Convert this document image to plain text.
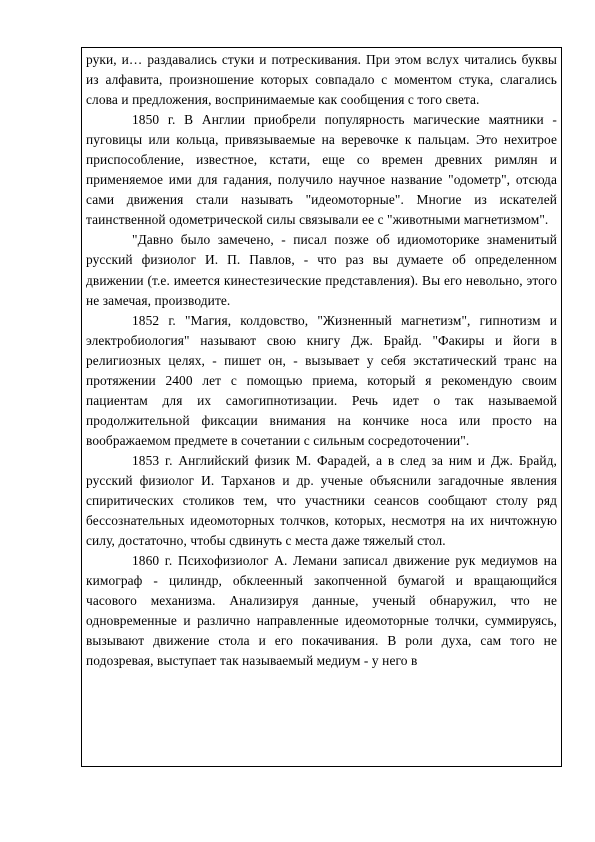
руки, и… раздавались стуки и потрескивания. При этом вслух читались буквы из алфавита, произношение которых совпадало с моментом стука, слагались слова и предложения, воспринимаемые как сообщения с того света.

1850 г. В Англии приобрели популярность магические маятники - пуговицы или кольца, привязываемые на веревочке к пальцам. Это нехитрое приспособление, известное, кстати, еще со времен древних римлян и применяемое ими для гадания, получило научное название "одометр", отсюда сами движения стали называть "идеомоторные". Многие из искателей таинственной одометрической силы связывали ее с "животными магнетизмом".

"Давно было замечено, - писал позже об идиомоторике знаменитый русский физиолог И. П. Павлов, - что раз вы думаете об определенном движении (т.е. имеется кинестезические представления). Вы его невольно, этого не замечая, производите.

1852 г. "Магия, колдовство, "Жизненный магнетизм", гипнотизм и электробиология" называют свою книгу Дж. Брайд. "Факиры и йоги в религиозных целях, - пишет он, - вызывает у себя экстатический транс на протяжении 2400 лет с помощью приема, который я рекомендую своим пациентам для их самогипнотизации. Речь идет о так называемой продолжительной фиксации внимания на кончике носа или просто на воображаемом предмете в сочетании с сильным сосредоточении".

1853 г. Английский физик М. Фарадей, а в след за ним и Дж. Брайд, русский физиолог И. Тарханов и др. ученые объяснили загадочные явления спиритических столиков тем, что участники сеансов сообщают столу ряд бессознательных идеомоторных толчков, которых, несмотря на их ничтожную силу, достаточно, чтобы сдвинуть с места даже тяжелый стол.

1860 г. Психофизиолог А. Лемани записал движение рук медиумов на кимограф - цилиндр, обклеенный закопченной бумагой и вращающийся часового механизма. Анализируя данные, ученый обнаружил, что не одновременные и различно направленные идеомоторные толчки, суммируясь, вызывают движение стола и его покачивания. В роли духа, сам того не подозревая, выступает так называемый медиум - у него в
